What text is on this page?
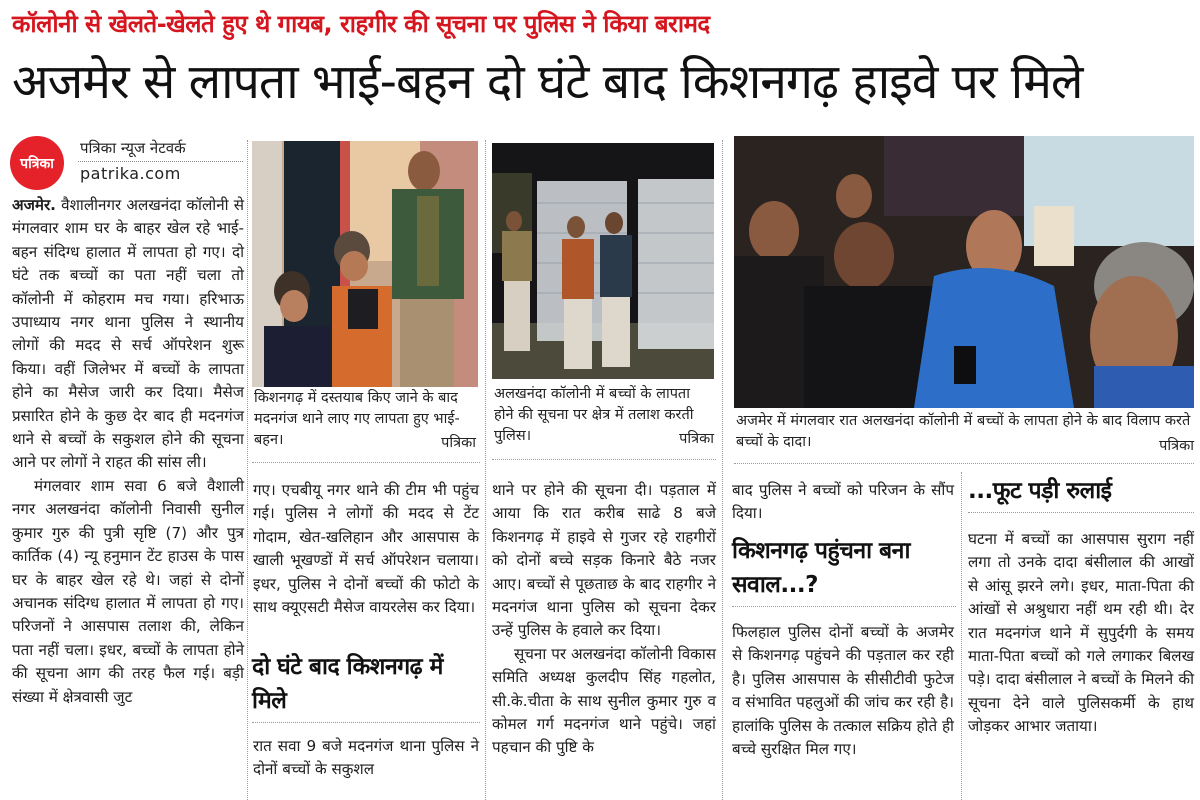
कॉलोनी से खेलते-खेलते हुए थे गायब, राहगीर की सूचना पर पुलिस ने किया बरामद
अजमेर से लापता भाई-बहन दो घंटे बाद किशनगढ़ हाइवे पर मिले
पत्रिका
पत्रिका न्यूज नेटवर्क
patrika.com

अजमेर. वैशालीनगर अलखनंदा कॉलोनी से मंगलवार शाम घर के बाहर खेल रहे भाई-बहन संदिग्ध हालात में लापता हो गए। दो घंटे तक बच्चों का पता नहीं चला तो कॉलोनी में कोहराम मच गया। हरिभाऊ उपाध्याय नगर थाना पुलिस ने स्थानीय लोगों की मदद से सर्च ऑपरेशन शुरू किया। वहीं जिलेभर में बच्चों के लापता होने का मैसेज जारी कर दिया। मैसेज प्रसारित होने के कुछ देर बाद ही मदनगंज थाने से बच्चों के सकुशल होने की सूचना आने पर लोगों ने राहत की सांस ली।

मंगलवार शाम सवा 6 बजे वैशाली नगर अलखनंदा कॉलोनी निवासी सुनील कुमार गुरु की पुत्री सृष्टि (7) और पुत्र कार्तिक (4) न्यू हनुमान टेंट हाउस के पास घर के बाहर खेल रहे थे। जहां से दोनों अचानक संदिग्ध हालात में लापता हो गए। परिजनों ने आसपास तलाश की, लेकिन पता नहीं चला। इधर, बच्चों के लापता होने की सूचना आग की तरह फैल गई। बड़ी संख्या में क्षेत्रवासी जुट

किशनगढ़ में दस्तयाब किए जाने के बाद मदनगंज थाने लाए गए लापता हुए भाई-बहन।	पत्रिका

गए। एचबीयू नगर थाने की टीम भी पहुंच गई। पुलिस ने लोगों की मदद से टेंट गोदाम, खेत-खलिहान और आसपास के खाली भूखण्डों में सर्च ऑपरेशन चलाया। इधर, पुलिस ने दोनों बच्चों की फोटो के साथ क्यूएसटी मैसेज वायरलेस कर दिया।

दो घंटे बाद किशनगढ़ में मिले

रात सवा 9 बजे मदनगंज थाना पुलिस ने दोनों बच्चों के सकुशल

अलखनंदा कॉलोनी में बच्चों के लापता होने की सूचना पर क्षेत्र में तलाश करती पुलिस।	पत्रिका

थाने पर होने की सूचना दी। पड़ताल में आया कि रात करीब साढे 8 बजे किशनगढ़ में हाइवे से गुजर रहे राहगीरों को दोनों बच्चे सड़क किनारे बैठे नजर आए। बच्चों से पूछताछ के बाद राहगीर ने मदनगंज थाना पुलिस को सूचना देकर उन्हें पुलिस के हवाले कर दिया।

सूचना पर अलखनंदा कॉलोनी विकास समिति अध्यक्ष कुलदीप सिंह गहलोत, सी.के.चीता के साथ सुनील कुमार गुरु व कोमल गर्ग मदनगंज थाने पहुंचे। जहां पहचान की पुष्टि के

अजमेर में मंगलवार रात अलखनंदा कॉलोनी में बच्चों के लापता होने के बाद विलाप करते बच्चों के दादा।	पत्रिका

बाद पुलिस ने बच्चों को परिजन के सौंप दिया।

किशनगढ़ पहुंचना बना सवाल...?

फिलहाल पुलिस दोनों बच्चों के अजमेर से किशनगढ़ पहुंचने की पड़ताल कर रही है। पुलिस आसपास के सीसीटीवी फुटेज व संभावित पहलुओं की जांच कर रही है। हालांकि पुलिस के तत्काल सक्रिय होते ही बच्चे सुरक्षित मिल गए।

...फूट पड़ी रुलाई

घटना में बच्चों का आसपास सुराग नहीं लगा तो उनके दादा बंसीलाल की आखों से आंसू झरने लगे। इधर, माता-पिता की आंखों से अश्रुधारा नहीं थम रही थी। देर रात मदनगंज थाने में सुपुर्दगी के समय माता-पिता बच्चों को गले लगाकर बिलख पड़े। दादा बंसीलाल ने बच्चों के मिलने की सूचना देने वाले पुलिसकर्मी के हाथ जोड़कर आभार जताया।
